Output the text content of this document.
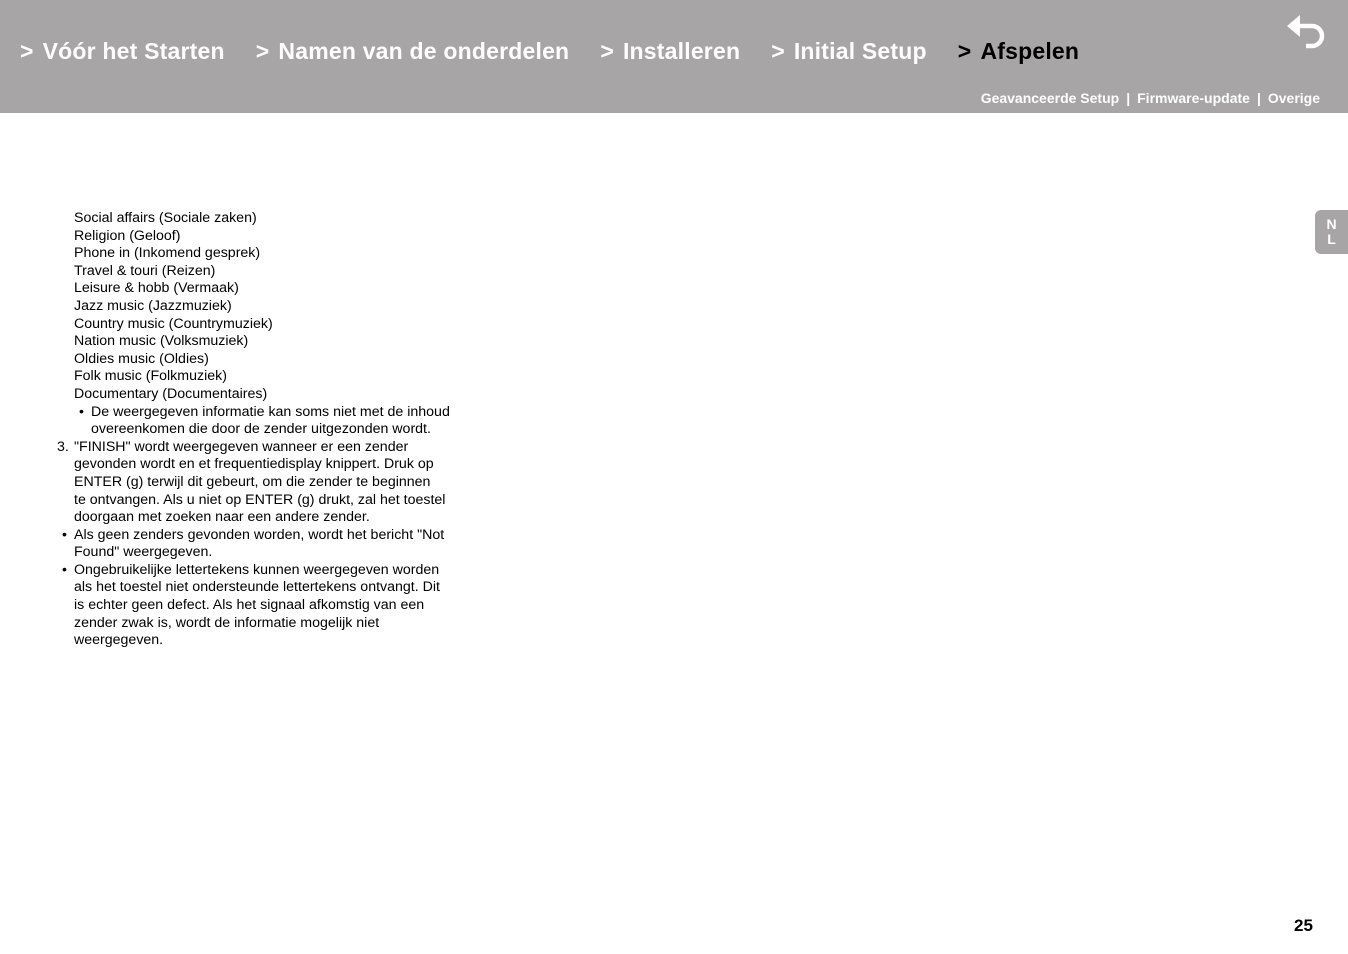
> Vóór het Starten > Namen van de onderdelen > Installeren > Initial Setup > Afspelen
Geavanceerde Setup | Firmware-update | Overige
N
L
Social affairs (Sociale zaken)
Religion (Geloof)
Phone in (Inkomend gesprek)
Travel & touri (Reizen)
Leisure & hobb (Vermaak)
Jazz music (Jazzmuziek)
Country music (Countrymuziek)
Nation music (Volksmuziek)
Oldies music (Oldies)
Folk music (Folkmuziek)
Documentary (Documentaires)
• De weergegeven informatie kan soms niet met de inhoud overeenkomen die door de zender uitgezonden wordt.
3. "FINISH" wordt weergegeven wanneer er een zender gevonden wordt en et frequentiedisplay knippert. Druk op ENTER (g) terwijl dit gebeurt, om die zender te beginnen te ontvangen. Als u niet op ENTER (g) drukt, zal het toestel doorgaan met zoeken naar een andere zender.
• Als geen zenders gevonden worden, wordt het bericht "Not Found" weergegeven.
• Ongebruikelijke lettertekens kunnen weergegeven worden als het toestel niet ondersteunde lettertekens ontvangt. Dit is echter geen defect. Als het signaal afkomstig van een zender zwak is, wordt de informatie mogelijk niet weergegeven.
25
